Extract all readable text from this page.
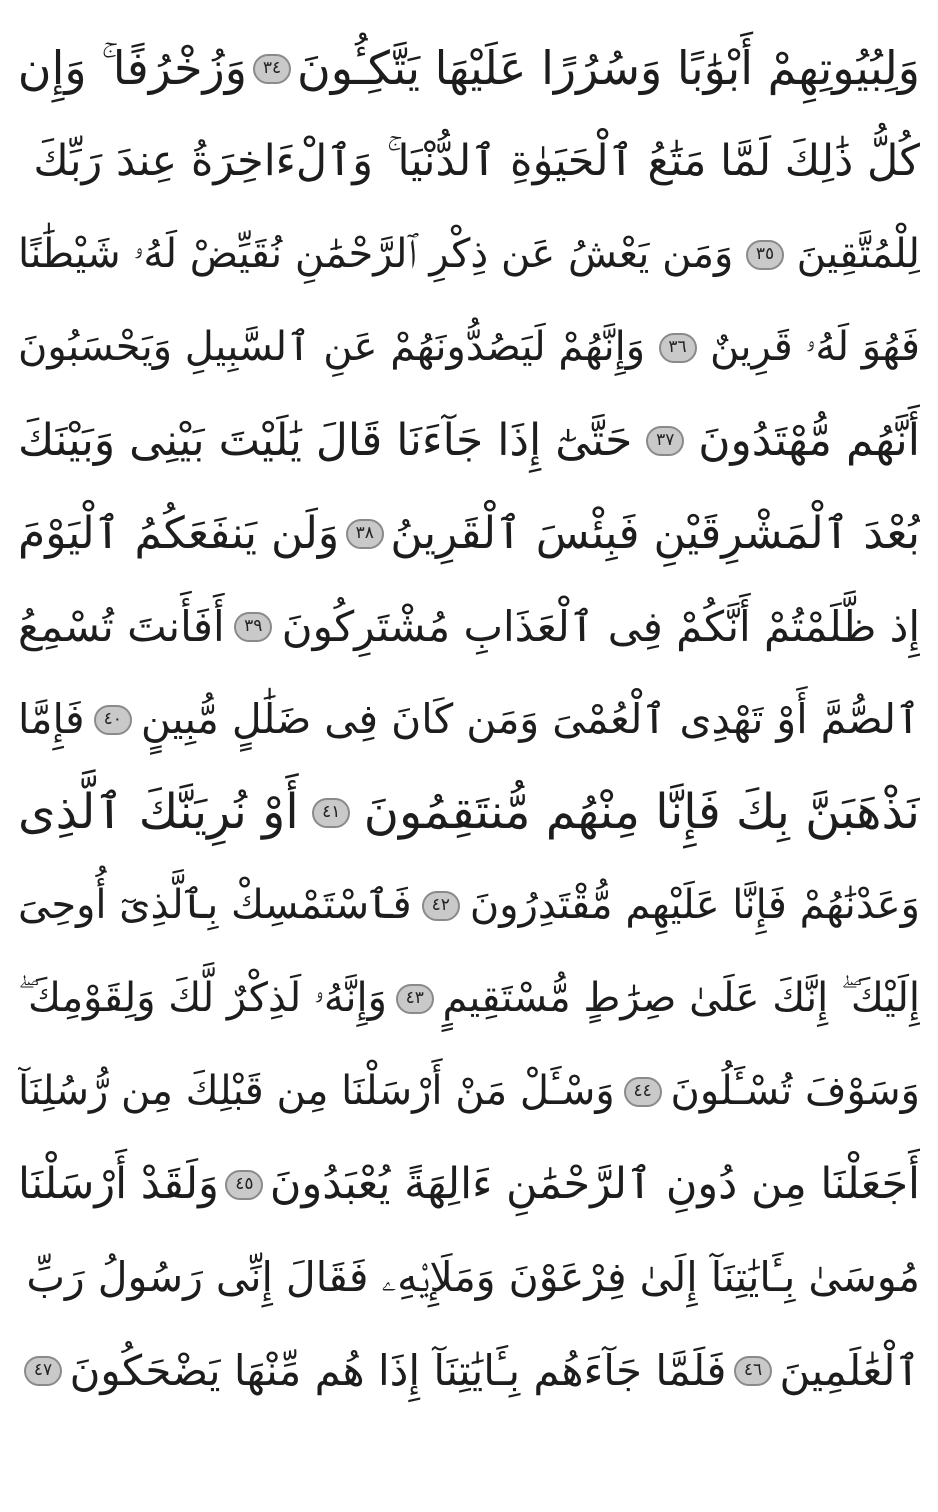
وَلِبُيُوتِهِمْ أَبْوَٰبًا وَسُرُرًا عَلَيْهَا يَتَّكِـُٔونَ
٣٤
وَزُخْرُفًا ۚ وَإِن
كُلُّ ذَٰلِكَ لَمَّا مَتَٰعُ ٱلْحَيَوٰةِ ٱلدُّنْيَا ۚ وَٱلْءَاخِرَةُ عِندَ رَبِّكَ
لِلْمُتَّقِينَ
٣٥
وَمَن يَعْشُ عَن ذِكْرِ ٱلرَّحْمَٰنِ نُقَيِّضْ لَهُۥ شَيْطَٰنًا
فَهُوَ لَهُۥ قَرِينٌ
٣٦
وَإِنَّهُمْ لَيَصُدُّونَهُمْ عَنِ ٱلسَّبِيلِ وَيَحْسَبُونَ
أَنَّهُم مُّهْتَدُونَ
٣٧
حَتَّىٰٓ إِذَا جَآءَنَا قَالَ يَٰلَيْتَ بَيْنِى وَبَيْنَكَ
بُعْدَ ٱلْمَشْرِقَيْنِ فَبِئْسَ ٱلْقَرِينُ
٣٨
وَلَن يَنفَعَكُمُ ٱلْيَوْمَ
إِذ ظَّلَمْتُمْ أَنَّكُمْ فِى ٱلْعَذَابِ مُشْتَرِكُونَ
٣٩
أَفَأَنتَ تُسْمِعُ
ٱلصُّمَّ أَوْ تَهْدِى ٱلْعُمْىَ وَمَن كَانَ فِى ضَلَٰلٍ مُّبِينٍ
٤٠
فَإِمَّا
نَذْهَبَنَّ بِكَ فَإِنَّا مِنْهُم مُّنتَقِمُونَ
٤١
أَوْ نُرِيَنَّكَ ٱلَّذِى
وَعَدْنَٰهُمْ فَإِنَّا عَلَيْهِم مُّقْتَدِرُونَ
٤٢
فَٱسْتَمْسِكْ بِٱلَّذِىٓ أُوحِىَ
إِلَيْكَ ۖ إِنَّكَ عَلَىٰ صِرَٰطٍ مُّسْتَقِيمٍ
٤٣
وَإِنَّهُۥ لَذِكْرٌ لَّكَ وَلِقَوْمِكَ ۖ
وَسَوْفَ تُسْـَٔلُونَ
٤٤
وَسْـَٔلْ مَنْ أَرْسَلْنَا مِن قَبْلِكَ مِن رُّسُلِنَآ
أَجَعَلْنَا مِن دُونِ ٱلرَّحْمَٰنِ ءَالِهَةً يُعْبَدُونَ
٤٥
وَلَقَدْ أَرْسَلْنَا
مُوسَىٰ بِـَٔايَٰتِنَآ إِلَىٰ فِرْعَوْنَ وَمَلَإِي۟هِۦ فَقَالَ إِنِّى رَسُولُ رَبِّ
ٱلْعَٰلَمِينَ
٤٦
فَلَمَّا جَآءَهُم بِـَٔايَٰتِنَآ إِذَا هُم مِّنْهَا يَضْحَكُونَ
٤٧
